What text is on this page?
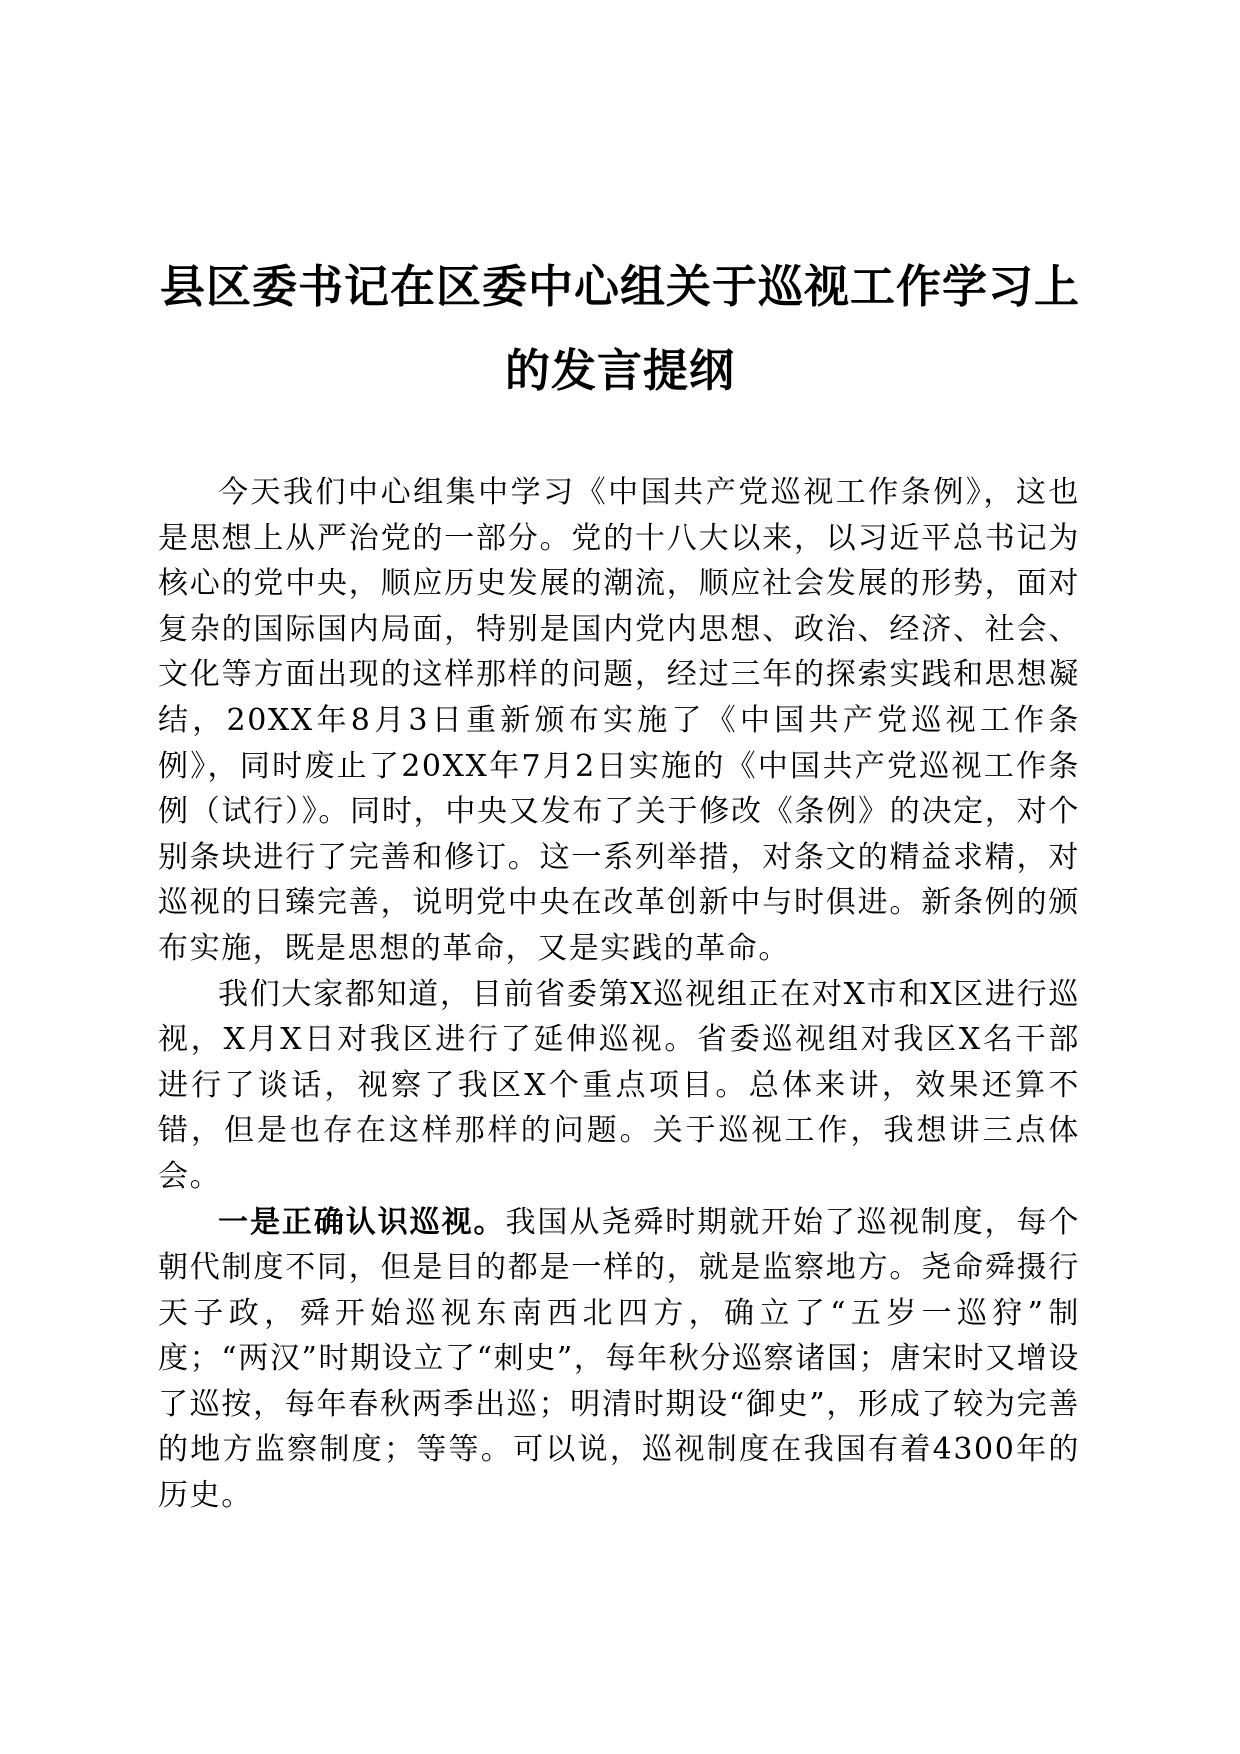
县区委书记在区委中心组关于巡视工作学习上
的发言提纲

今天我们中心组集中学习《中国共产党巡视工作条例》，这也是思想上从严治党的一部分。党的十八大以来，以习近平总书记为核心的党中央，顺应历史发展的潮流，顺应社会发展的形势，面对复杂的国际国内局面，特别是国内党内思想、政治、经济、社会、文化等方面出现的这样那样的问题，经过三年的探索实践和思想凝结，20XX年8月3日重新颁布实施了《中国共产党巡视工作条例》，同时废止了20XX年7月2日实施的《中国共产党巡视工作条例（试行）》。同时，中央又发布了关于修改《条例》的决定，对个别条块进行了完善和修订。这一系列举措，对条文的精益求精，对巡视的日臻完善，说明党中央在改革创新中与时俱进。新条例的颁布实施，既是思想的革命，又是实践的革命。

我们大家都知道，目前省委第X巡视组正在对X市和X区进行巡视，X月X日对我区进行了延伸巡视。省委巡视组对我区X名干部进行了谈话，视察了我区X个重点项目。总体来讲，效果还算不错，但是也存在这样那样的问题。关于巡视工作，我想讲三点体会。

一是正确认识巡视。我国从尧舜时期就开始了巡视制度，每个朝代制度不同，但是目的都是一样的，就是监察地方。尧命舜摄行天子政，舜开始巡视东南西北四方，确立了“五岁一巡狩”制度；“两汉”时期设立了“刺史”，每年秋分巡察诸国；唐宋时又增设了巡按，每年春秋两季出巡；明清时期设“御史”，形成了较为完善的地方监察制度；等等。可以说，巡视制度在我国有着4300年的历史。
